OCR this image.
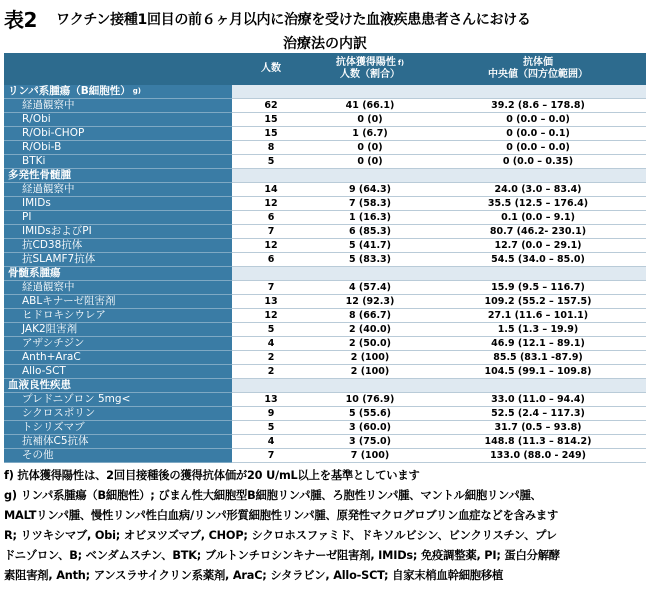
表2 ワクチン接種1回目の前６ヶ月以内に治療を受けた血液疾患患者さんにおける
治療法の内訳
	人数	抗体獲得陽性 $^{f)}$
人数（割合）	抗体価
中央値（四方位範囲）
リンパ系腫瘍（B細胞性） $^{g)}$			
経過観察中	62	41 (66.1)	39.2 (8.6 – 178.8)
R/Obi	15	0 (0)	0 (0.0 – 0.0)
R/Obi-CHOP	15	1 (6.7)	0 (0.0 – 0.1)
R/Obi-B	8	0 (0)	0 (0.0 – 0.0)
BTKi	5	0 (0)	0 (0.0 – 0.35)
多発性骨髄腫			
経過観察中	14	9 (64.3)	24.0 (3.0 – 83.4)
IMIDs	12	7 (58.3)	35.5 (12.5 – 176.4)
PI	6	1 (16.3)	0.1 (0.0 – 9.1)
IMIDsおよびPI	7	6 (85.3)	80.7 (46.2- 230.1)
抗CD38抗体	12	5 (41.7)	12.7 (0.0 – 29.1)
抗SLAMF7抗体	6	5 (83.3)	54.5 (34.0 – 85.0)
骨髄系腫瘍			
経過観察中	7	4 (57.4)	15.9 (9.5 – 116.7)
ABLキナーゼ阻害剤	13	12 (92.3)	109.2 (55.2 – 157.5)
ヒドロキシウレア	12	8 (66.7)	27.1 (11.6 – 101.1)
JAK2阻害剤	5	2 (40.0)	1.5 (1.3 – 19.9)
アザシチジン	4	2 (50.0)	46.9 (12.1 – 89.1)
Anth+AraC	2	2 (100)	85.5 (83.1 -87.9)
Allo-SCT	2	2 (100)	104.5 (99.1 – 109.8)
血液良性疾患			
プレドニゾロン 5mg<	13	10 (76.9)	33.0 (11.0 – 94.4)
シクロスポリン	9	5 (55.6)	52.5 (2.4 – 117.3)
トシリズマブ	5	3 (60.0)	31.7 (0.5 – 93.8)
抗補体C5抗体	4	3 (75.0)	148.8 (11.3 – 814.2)
その他	7	7 (100)	133.0 (88.0 - 249)

f) 抗体獲得陽性は、2回目接種後の獲得抗体価が20 U/mL以上を基準としています

g) リンパ系腫瘍（B細胞性）; びまん性大細胞型B細胞リンパ腫、ろ胞性リンパ腫、マントル細胞リンパ腫、

MALTリンパ腫、慢性リンパ性白血病/リンパ形質細胞性リンパ腫、原発性マクログロブリン血症などを含みます

R; リツキシマブ, Obi; オビヌツズマブ, CHOP; シクロホスファミド、ドキソルビシン、ビンクリスチン、プレ

ドニゾロン、B; ベンダムスチン、BTK; ブルトンチロシンキナーゼ阻害剤, IMIDs; 免疫調整薬, PI; 蛋白分解酵

素阻害剤, Anth; アンスラサイクリン系薬剤, AraC; シタラビン, Allo-SCT; 自家末梢血幹細胞移植
